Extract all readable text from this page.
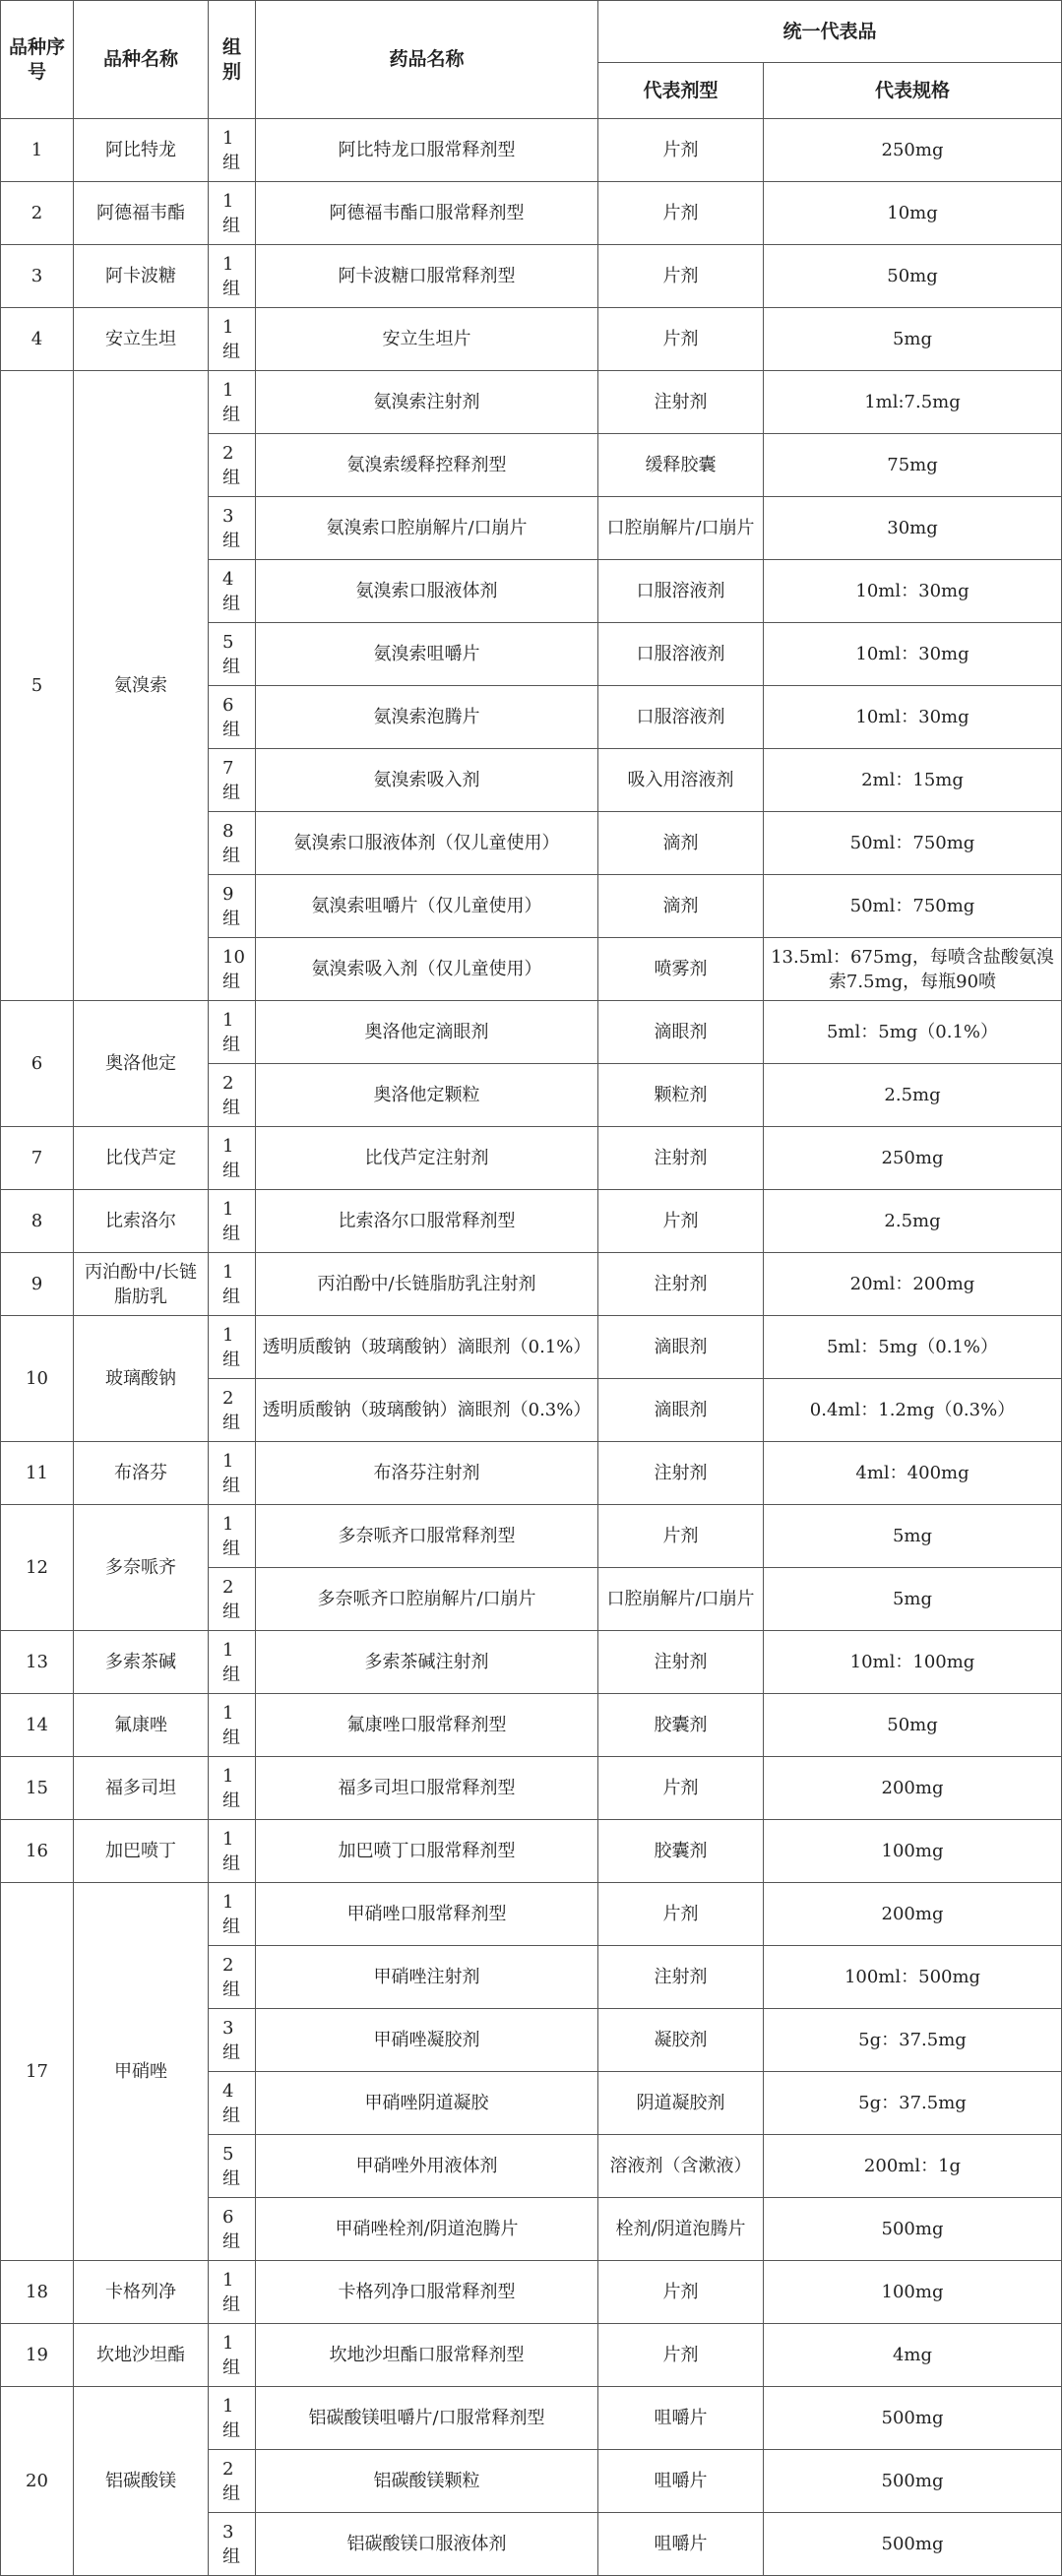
品种序号	品种名称	组别	药品名称	统一代表品	
				代表剂型	代表规格
1	阿比特龙	1组	阿比特龙口服常释剂型	片剂	250mg
2	阿德福韦酯	1组	阿德福韦酯口服常释剂型	片剂	10mg
3	阿卡波糖	1组	阿卡波糖口服常释剂型	片剂	50mg
4	安立生坦	1组	安立生坦片	片剂	5mg
5	氨溴索	1组	氨溴索注射剂	注射剂	1ml:7.5mg
		2组	氨溴索缓释控释剂型	缓释胶囊	75mg
		3组	氨溴索口腔崩解片/口崩片	口腔崩解片/口崩片	30mg
		4组	氨溴索口服液体剂	口服溶液剂	10ml：30mg
		5组	氨溴索咀嚼片	口服溶液剂	10ml：30mg
		6组	氨溴索泡腾片	口服溶液剂	10ml：30mg
		7组	氨溴索吸入剂	吸入用溶液剂	2ml：15mg
		8组	氨溴索口服液体剂（仅儿童使用）	滴剂	50ml：750mg
		9组	氨溴索咀嚼片（仅儿童使用）	滴剂	50ml：750mg
		10组	氨溴索吸入剂（仅儿童使用）	喷雾剂	13.5ml：675mg，每喷含盐酸氨溴索7.5mg，每瓶90喷
6	奥洛他定	1组	奥洛他定滴眼剂	滴眼剂	5ml：5mg（0.1%）
		2组	奥洛他定颗粒	颗粒剂	2.5mg
7	比伐芦定	1组	比伐芦定注射剂	注射剂	250mg
8	比索洛尔	1组	比索洛尔口服常释剂型	片剂	2.5mg
9	丙泊酚中/长链脂肪乳	1组	丙泊酚中/长链脂肪乳注射剂	注射剂	20ml：200mg
10	玻璃酸钠	1组	透明质酸钠（玻璃酸钠）滴眼剂（0.1%）	滴眼剂	5ml：5mg（0.1%）
		2组	透明质酸钠（玻璃酸钠）滴眼剂（0.3%）	滴眼剂	0.4ml：1.2mg（0.3%）
11	布洛芬	1组	布洛芬注射剂	注射剂	4ml：400mg
12	多奈哌齐	1组	多奈哌齐口服常释剂型	片剂	5mg
		2组	多奈哌齐口腔崩解片/口崩片	口腔崩解片/口崩片	5mg
13	多索茶碱	1组	多索茶碱注射剂	注射剂	10ml：100mg
14	氟康唑	1组	氟康唑口服常释剂型	胶囊剂	50mg
15	福多司坦	1组	福多司坦口服常释剂型	片剂	200mg
16	加巴喷丁	1组	加巴喷丁口服常释剂型	胶囊剂	100mg
17	甲硝唑	1组	甲硝唑口服常释剂型	片剂	200mg
		2组	甲硝唑注射剂	注射剂	100ml：500mg
		3组	甲硝唑凝胶剂	凝胶剂	5g：37.5mg
		4组	甲硝唑阴道凝胶	阴道凝胶剂	5g：37.5mg
		5组	甲硝唑外用液体剂	溶液剂（含漱液）	200ml：1g
		6组	甲硝唑栓剂/阴道泡腾片	栓剂/阴道泡腾片	500mg
18	卡格列净	1组	卡格列净口服常释剂型	片剂	100mg
19	坎地沙坦酯	1组	坎地沙坦酯口服常释剂型	片剂	4mg
20	铝碳酸镁	1组	铝碳酸镁咀嚼片/口服常释剂型	咀嚼片	500mg
		2组	铝碳酸镁颗粒	咀嚼片	500mg
		3组	铝碳酸镁口服液体剂	咀嚼片	500mg
